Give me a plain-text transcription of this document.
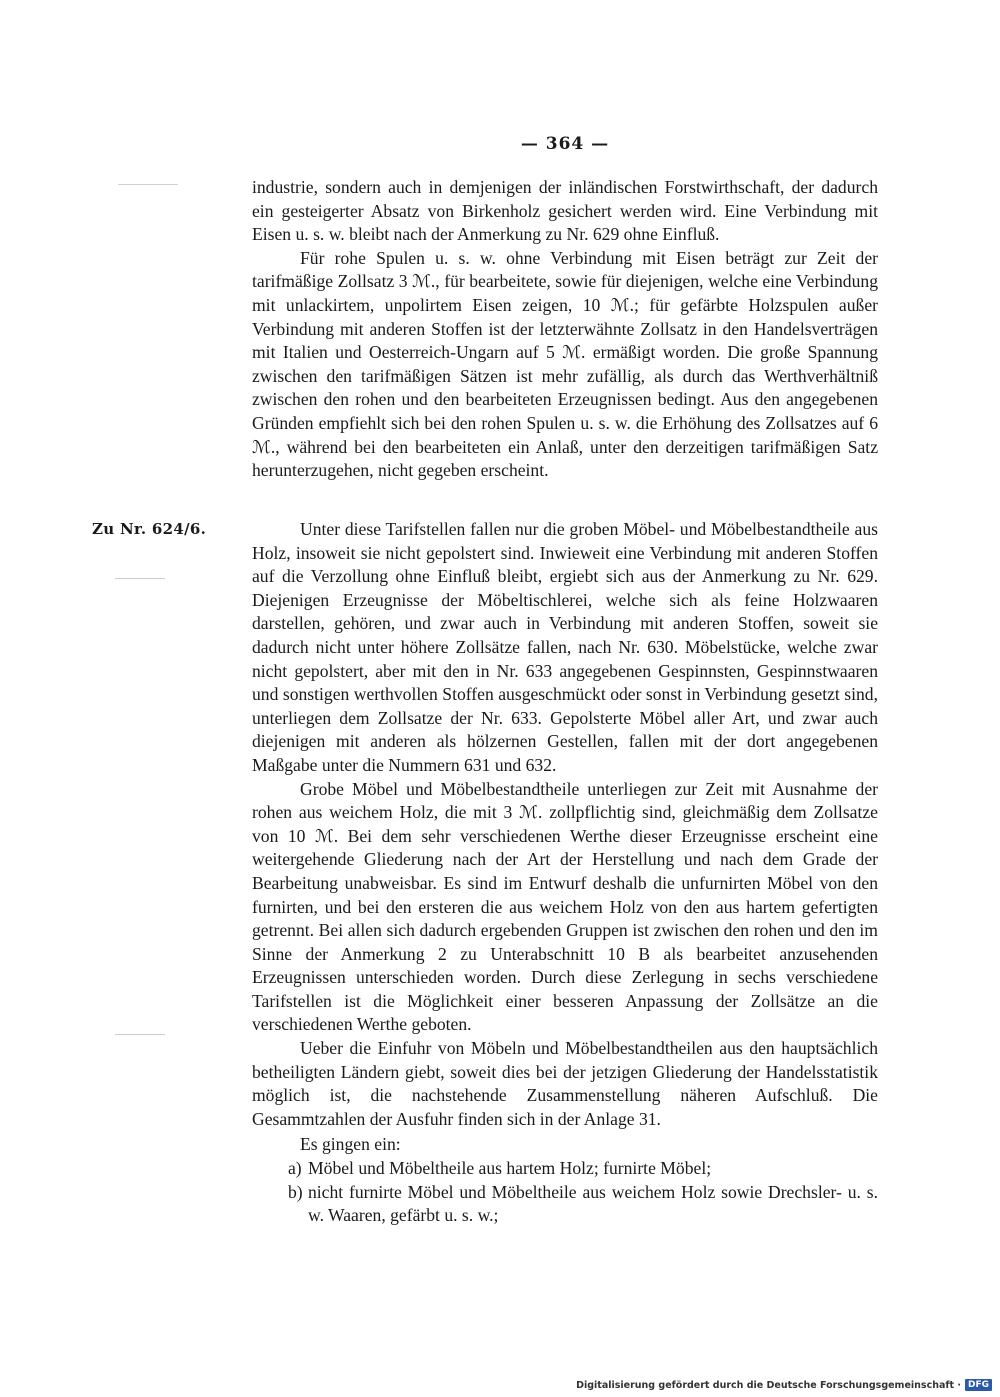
— 364 —

industrie, sondern auch in demjenigen der inländischen Forstwirthschaft, der dadurch ein gesteigerter Absatz von Birkenholz gesichert werden wird. Eine Verbindung mit Eisen u. s. w. bleibt nach der Anmerkung zu Nr. 629 ohne Einfluß.

Für rohe Spulen u. s. w. ohne Verbindung mit Eisen beträgt zur Zeit der tarifmäßige Zollsatz 3 ℳ., für bearbeitete, sowie für diejenigen, welche eine Verbindung mit unlackirtem, unpolirtem Eisen zeigen, 10 ℳ.; für gefärbte Holzspulen außer Verbindung mit anderen Stoffen ist der letzterwähnte Zollsatz in den Handelsverträgen mit Italien und Oesterreich-Ungarn auf 5 ℳ. ermäßigt worden. Die große Spannung zwischen den tarifmäßigen Sätzen ist mehr zufällig, als durch das Werthverhältniß zwischen den rohen und den bearbeiteten Erzeugnissen bedingt. Aus den angegebenen Gründen empfiehlt sich bei den rohen Spulen u. s. w. die Erhöhung des Zollsatzes auf 6 ℳ., während bei den bearbeiteten ein Anlaß, unter den derzeitigen tarifmäßigen Satz herunterzugehen, nicht gegeben erscheint.

Zu Nr. 624/6.	Unter diese Tarifstellen fallen nur die groben Möbel- und Möbelbestandtheile aus Holz, insoweit sie nicht gepolstert sind. Inwieweit eine Verbindung mit anderen Stoffen auf die Verzollung ohne Einfluß bleibt, ergiebt sich aus der Anmerkung zu Nr. 629. Diejenigen Erzeugnisse der Möbeltischlerei, welche sich als feine Holzwaaren darstellen, gehören, und zwar auch in Verbindung mit anderen Stoffen, soweit sie dadurch nicht unter höhere Zollsätze fallen, nach Nr. 630. Möbelstücke, welche zwar nicht gepolstert, aber mit den in Nr. 633 angegebenen Gespinnsten, Gespinnstwaaren und sonstigen werthvollen Stoffen ausgeschmückt oder sonst in Verbindung gesetzt sind, unterliegen dem Zollsatze der Nr. 633. Gepolsterte Möbel aller Art, und zwar auch diejenigen mit anderen als hölzernen Gestellen, fallen mit der dort angegebenen Maßgabe unter die Nummern 631 und 632.

Grobe Möbel und Möbelbestandtheile unterliegen zur Zeit mit Ausnahme der rohen aus weichem Holz, die mit 3 ℳ. zollpflichtig sind, gleichmäßig dem Zollsatze von 10 ℳ. Bei dem sehr verschiedenen Werthe dieser Erzeugnisse erscheint eine weitergehende Gliederung nach der Art der Herstellung und nach dem Grade der Bearbeitung unabweisbar. Es sind im Entwurf deshalb die unfurnirten Möbel von den furnirten, und bei den ersteren die aus weichem Holz von den aus hartem gefertigten getrennt. Bei allen sich dadurch ergebenden Gruppen ist zwischen den rohen und den im Sinne der Anmerkung 2 zu Unterabschnitt 10 B als bearbeitet anzusehenden Erzeugnissen unterschieden worden. Durch diese Zerlegung in sechs verschiedene Tarifstellen ist die Möglichkeit einer besseren Anpassung der Zollsätze an die verschiedenen Werthe geboten.

Ueber die Einfuhr von Möbeln und Möbelbestandtheilen aus den hauptsächlich betheiligten Ländern giebt, soweit dies bei der jetzigen Gliederung der Handelsstatistik möglich ist, die nachstehende Zusammenstellung näheren Aufschluß. Die Gesammtzahlen der Ausfuhr finden sich in der Anlage 31.

Es gingen ein:

a) Möbel und Möbeltheile aus hartem Holz; furnirte Möbel;

b) nicht furnirte Möbel und Möbeltheile aus weichem Holz sowie Drechsler- u. s. w. Waaren, gefärbt u. s. w.;

Digitalisierung gefördert durch die Deutsche Forschungsgemeinschaft · DFG
